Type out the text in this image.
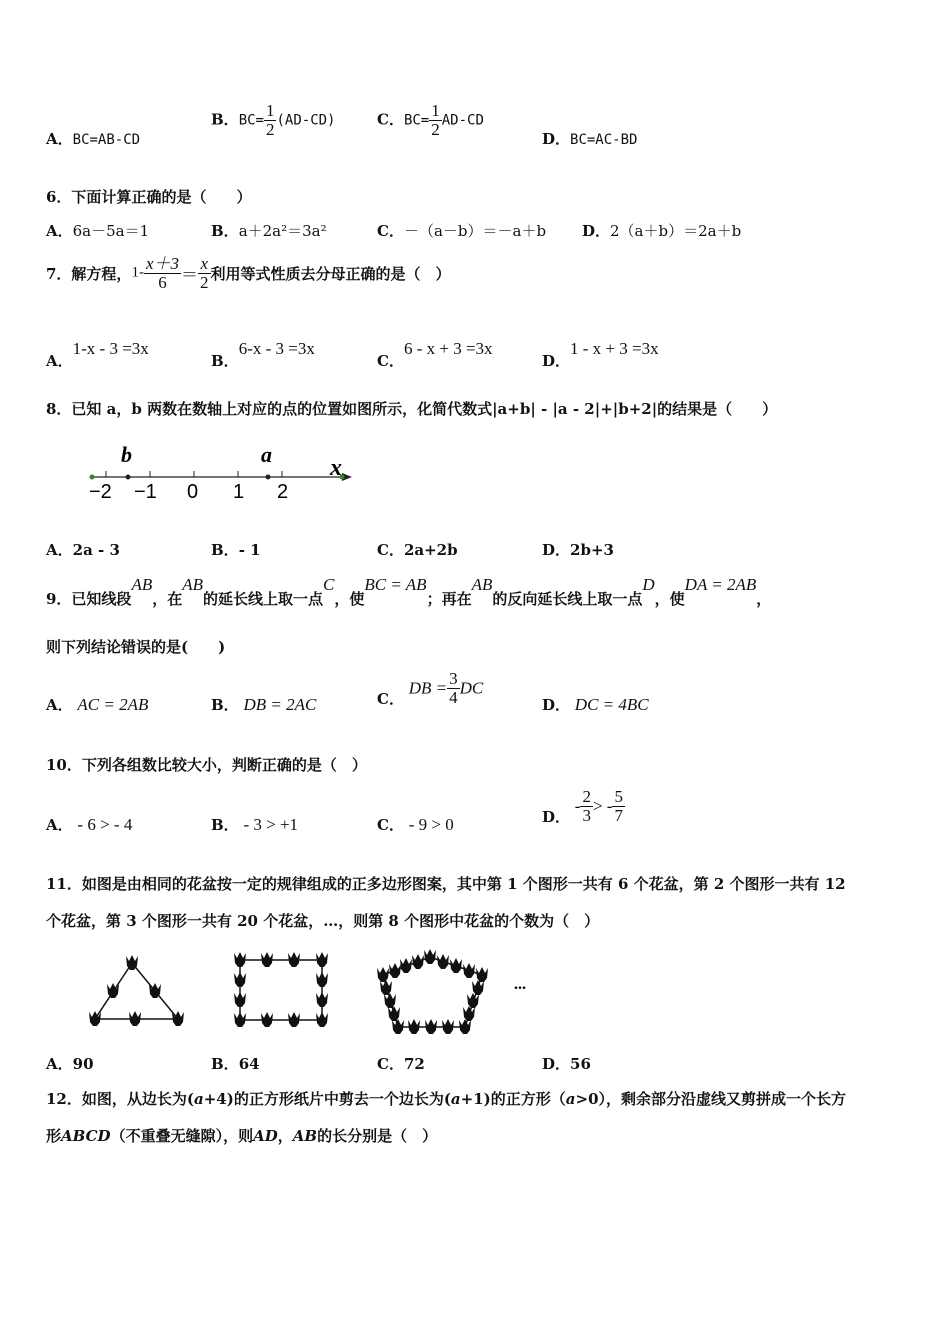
A．BC=AB-CD
B．$BC= \frac{1}{2} (AD-CD)$	C．$BC= \frac{1}{2} AD-CD$
D．BC=AC-BD
6．下面计算正确的是（　　）
A．6a－5a＝1	B．a＋2a²＝3a²	C．－（a－b）＝－a＋b D．2（a＋b）＝2a＋b
7．解方程，$1- \frac{x+3}{6} = \frac{x}{2}$ 利用等式性质去分母正确的是（　）
A．1-x - 3 =3x
B．6-x - 3 =3x
C．6 - x + 3 =3x
D．1 - x + 3 =3x
8．已知 a，b 两数在数轴上对应的点的位置如图所示，化简代数式|a+b| - |a - 2|+|b+2|的结果是（　　）
b	a
x
−2 −1 0 1 2
A．2a - 3	B．- 1	C．2a+2b	D．2b+3
9．已知线段AB，在AB的延长线上取一点C，使BC = AB；再在AB的反向延长线上取一点D，使DA = 2AB，
则下列结论错误的是(　　)
A． AC = 2AB	B． DB = 2AC	C． DB = $\frac{3}{4}$ DC
D． DC = 4BC
10．下列各组数比较大小，判断正确的是（　）
A． - 6 > - 4	B． - 3 > +1	C． - 9 > 0	D． - $\frac{2}{3}$ > - $\frac{5}{7}$
11．如图是由相同的花盆按一定的规律组成的正多边形图案，其中第 1 个图形一共有 6 个花盆，第 2 个图形一共有 12
个花盆，第 3 个图形一共有 20 个花盆，…，则第 8 个图形中花盆的个数为（　）
...
A．90	B．64	C．72	D．56
12．如图，从边长为(a+4)的正方形纸片中剪去一个边长为(a+1)的正方形（a>0），剩余部分沿虚线又剪拼成一个长方
形ABCD（不重叠无缝隙），则AD，AB的长分别是（　）
